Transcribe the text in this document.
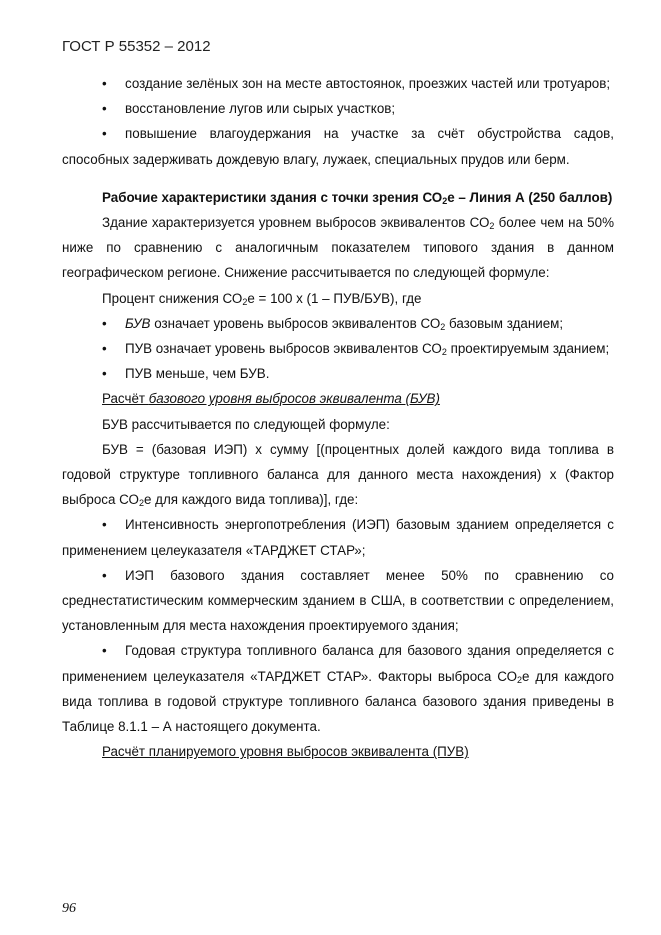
ГОСТ Р 55352 – 2012

• создание зелёных зон на месте автостоянок, проезжих частей или тротуаров;

• восстановление лугов или сырых участков;

• повышение влагоудержания на участке за счёт обустройства садов, способных задерживать дождевую влагу, лужаек, специальных прудов или берм.

Рабочие характеристики здания с точки зрения $СО_2е$ – Линия А (250 баллов)

Здание характеризуется уровнем выбросов эквивалентов $СО_2$ более чем на 50% ниже по сравнению с аналогичным показателем типового здания в данном географическом регионе. Снижение рассчитывается по следующей формуле:

Процент снижения $СО_2е = 100$ х (1 – ПУВ/БУВ), где

• БУВ означает уровень выбросов эквивалентов $СО_2$ базовым зданием;

• ПУВ означает уровень выбросов эквивалентов $СО_2$ проектируемым зданием;

• ПУВ меньше, чем БУВ.

Расчёт базового уровня выбросов эквивалента (БУВ)

БУВ рассчитывается по следующей формуле:

БУВ = (базовая ИЭП) х сумму [(процентных долей каждого вида топлива в годовой структуре топливного баланса для данного места нахождения) х (Фактор выброса $СО_2е$ для каждого вида топлива)], где:

• Интенсивность энергопотребления (ИЭП) базовым зданием определяется с применением целеуказателя «ТАРДЖЕТ СТАР»;

• ИЭП базового здания составляет менее 50% по сравнению со среднестатистическим коммерческим зданием в США, в соответствии с определением, установленным для места нахождения проектируемого здания;

• Годовая структура топливного баланса для базового здания определяется с применением целеуказателя «ТАРДЖЕТ СТАР». Факторы выброса $СО_2е$ для каждого вида топлива в годовой структуре топливного баланса базового здания приведены в Таблице 8.1.1 – А настоящего документа.

Расчёт планируемого уровня выбросов эквивалента (ПУВ)

96
